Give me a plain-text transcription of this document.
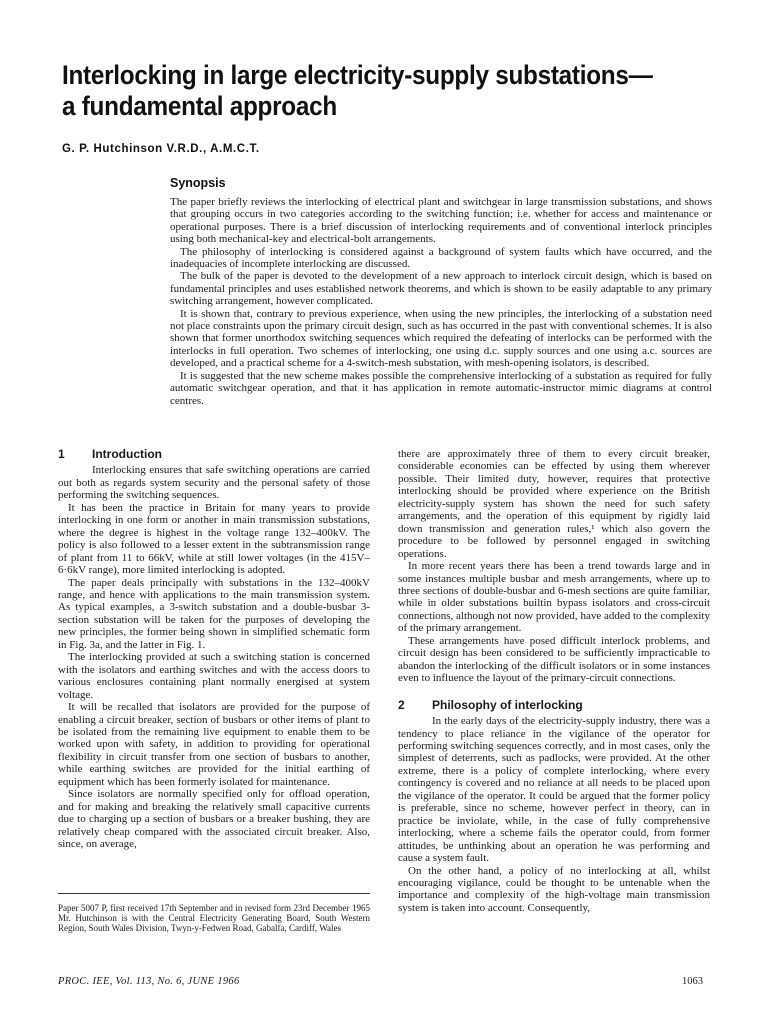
Interlocking in large electricity-supply substations—
a fundamental approach
G. P. Hutchinson V.R.D., A.M.C.T.
Synopsis

The paper briefly reviews the interlocking of electrical plant and switchgear in large transmission substations, and shows that grouping occurs in two categories according to the switching function; i.e. whether for access and maintenance or operational purposes. There is a brief discussion of interlocking requirements and of conventional interlock principles using both mechanical-key and electrical-bolt arrangements.

The philosophy of interlocking is considered against a background of system faults which have occurred, and the inadequacies of incomplete interlocking are discussed.

The bulk of the paper is devoted to the development of a new approach to interlock circuit design, which is based on fundamental principles and uses established network theorems, and which is shown to be easily adaptable to any primary switching arrangement, however complicated.

It is shown that, contrary to previous experience, when using the new principles, the interlocking of a substation need not place constraints upon the primary circuit design, such as has occurred in the past with conventional schemes. It is also shown that former unorthodox switching sequences which required the defeating of interlocks can be performed with the interlocks in full operation. Two schemes of interlocking, one using d.c. supply sources and one using a.c. sources are developed, and a practical scheme for a 4-switch-mesh substation, with mesh-opening isolators, is described.

It is suggested that the new scheme makes possible the comprehensive interlocking of a substation as required for fully automatic switchgear operation, and that it has application in remote automatic-instructor mimic diagrams at control centres.

1 Introduction

Interlocking ensures that safe switching operations are carried out both as regards system security and the personal safety of those performing the switching sequences.

It has been the practice in Britain for many years to provide interlocking in one form or another in main transmission substations, where the degree is highest in the voltage range 132–400kV. The policy is also followed to a lesser extent in the subtransmission range of plant from 11 to 66kV, while at still lower voltages (in the 415V–6·6kV range), more limited interlocking is adopted.

The paper deals principally with substations in the 132–400kV range, and hence with applications to the main transmission system. As typical examples, a 3-switch substation and a double-busbar 3-section substation will be taken for the purposes of developing the new principles, the former being shown in simplified schematic form in Fig. 3a, and the latter in Fig. 1.

The interlocking provided at such a switching station is concerned with the isolators and earthing switches and with the access doors to various enclosures containing plant normally energised at system voltage.

It will be recalled that isolators are provided for the purpose of enabling a circuit breaker, section of busbars or other items of plant to be isolated from the remaining live equipment to enable them to be worked upon with safety, in addition to providing for operational flexibility in circuit transfer from one section of busbars to another, while earthing switches are provided for the initial earthing of equipment which has been formerly isolated for maintenance.

Since isolators are normally specified only for offload operation, and for making and breaking the relatively small capacitive currents due to charging up a section of busbars or a breaker bushing, they are relatively cheap compared with the associated circuit breaker. Also, since, on average,

there are approximately three of them to every circuit breaker, considerable economies can be effected by using them wherever possible. Their limited duty, however, requires that protective interlocking should be provided where experience on the British electricity-supply system has shown the need for such safety arrangements, and the operation of this equipment by rigidly laid down transmission and generation rules,¹ which also govern the procedure to be followed by personnel engaged in switching operations.

In more recent years there has been a trend towards large and in some instances multiple busbar and mesh arrangements, where up to three sections of double-busbar and 6-mesh sections are quite familiar, while in older substations builtin bypass isolators and cross-circuit connections, although not now provided, have added to the complexity of the primary arrangement.

These arrangements have posed difficult interlock problems, and circuit design has been considered to be sufficiently impracticable to abandon the interlocking of the difficult isolators or in some instances even to influence the layout of the primary-circuit connections.

2 Philosophy of interlocking

In the early days of the electricity-supply industry, there was a tendency to place reliance in the vigilance of the operator for performing switching sequences correctly, and in most cases, only the simplest of deterrents, such as padlocks, were provided. At the other extreme, there is a policy of complete interlocking, where every contingency is covered and no reliance at all needs to be placed upon the vigilance of the operator. It could be argued that the former policy is preferable, since no scheme, however perfect in theory, can in practice be inviolate, while, in the case of fully comprehensive interlocking, where a scheme fails the operator could, from former attitudes, be unthinking about an operation he was performing and cause a system fault.

On the other hand, a policy of no interlocking at all, whilst encouraging vigilance, could be thought to be untenable when the importance and complexity of the high-voltage main transmission system is taken into account. Consequently,

Paper 5007 P, first received 17th September and in revised form 23rd December 1965 Mr. Hutchinson is with the Central Electricity Generating Board, South Western Region, South Wales Division, Twyn-y-Fedwen Road, Gabalfa, Cardiff, Wales
PROC. IEE, Vol. 113, No. 6, JUNE 1966	1063
